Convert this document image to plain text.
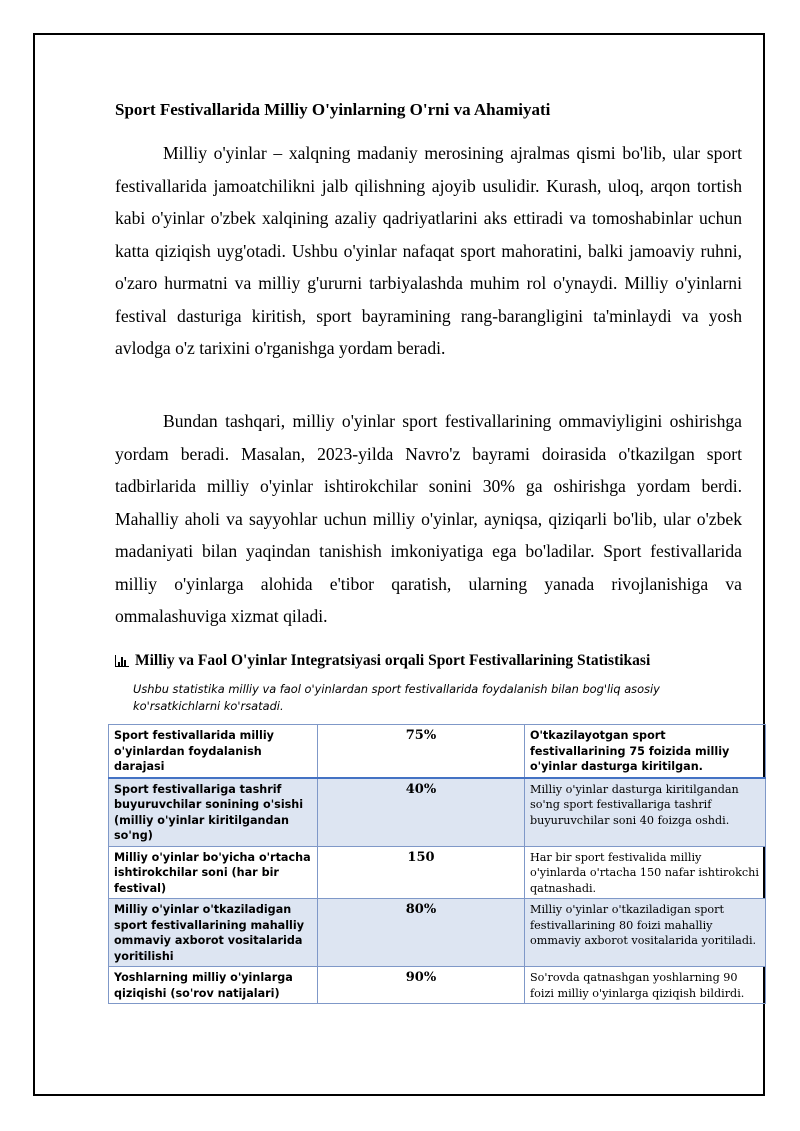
Sport Festivallarida Milliy O'yinlarning O'rni va Ahamiyati

Milliy o'yinlar – xalqning madaniy merosining ajralmas qismi bo'lib, ular sport festivallarida jamoatchilikni jalb qilishning ajoyib usulidir. Kurash, uloq, arqon tortish kabi o'yinlar o'zbek xalqining azaliy qadriyatlarini aks ettiradi va tomoshabinlar uchun katta qiziqish uyg'otadi. Ushbu o'yinlar nafaqat sport mahoratini, balki jamoaviy ruhni, o'zaro hurmatni va milliy g'ururni tarbiyalashda muhim rol o'ynaydi. Milliy o'yinlarni festival dasturiga kiritish, sport bayramining rang-barangligini ta'minlaydi va yosh avlodga o'z tarixini o'rganishga yordam beradi.

Bundan tashqari, milliy o'yinlar sport festivallarining ommaviyligini oshirishga yordam beradi. Masalan, 2023-yilda Navro'z bayrami doirasida o'tkazilgan sport tadbirlarida milliy o'yinlar ishtirokchilar sonini 30% ga oshirishga yordam berdi. Mahalliy aholi va sayyohlar uchun milliy o'yinlar, ayniqsa, qiziqarli bo'lib, ular o'zbek madaniyati bilan yaqindan tanishish imkoniyatiga ega bo'ladilar. Sport festivallarida milliy o'yinlarga alohida e'tibor qaratish, ularning yanada rivojlanishiga va ommalashuviga xizmat qiladi.

Milliy va Faol O'yinlar Integratsiyasi orqali Sport Festivallarining Statistikasi

Ushbu statistika milliy va faol o'yinlardan sport festivallarida foydalanish bilan bog'liq asosiy ko'rsatkichlarni ko'rsatadi.

Sport festivallarida milliy o'yinlardan foydalanish darajasi	75%	O'tkazilayotgan sport festivallarining 75 foizida milliy o'yinlar dasturga kiritilgan.
Sport festivallariga tashrif buyuruvchilar sonining o'sishi (milliy o'yinlar kiritilgandan so'ng)	40%	Milliy o'yinlar dasturga kiritilgandan so'ng sport festivallariga tashrif buyuruvchilar soni 40 foizga oshdi.
Milliy o'yinlar bo'yicha o'rtacha ishtirokchilar soni (har bir festival)	150	Har bir sport festivalida milliy o'yinlarda o'rtacha 150 nafar ishtirokchi qatnashadi.
Milliy o'yinlar o'tkaziladigan sport festivallarining mahalliy ommaviy axborot vositalarida yoritilishi	80%	Milliy o'yinlar o'tkaziladigan sport festivallarining 80 foizi mahalliy ommaviy axborot vositalarida yoritiladi.
Yoshlarning milliy o'yinlarga qiziqishi (so'rov natijalari)	90%	So'rovda qatnashgan yoshlarning 90 foizi milliy o'yinlarga qiziqish bildirdi.
